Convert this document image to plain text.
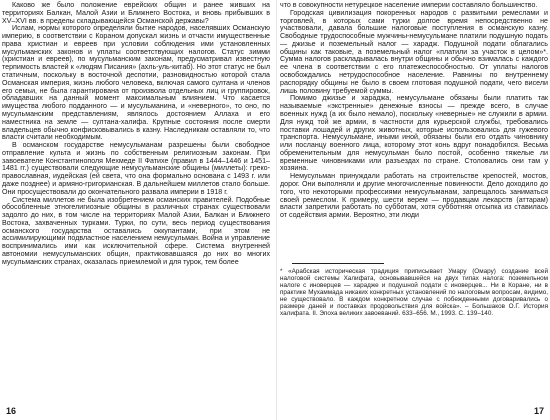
Каково же было положение еврейских общин и ранее живших на территориях Балкан, Малой Азии и Ближнего Востока, и вновь прибывших в XV–XVI вв. в пределы складывающейся Османской державы?

Ислам, нормы которого определяли бытие народов, населявших Османскую империю, в соответствии с Кораном допускал жизнь и отчасти имущественные права христиан и евреев при условии соблюдения ими установленных мусульманских законов и уплаты соответствующих налогов. Статус зимми (христиан и евреев), по мусульманским законам, предусматривал известную терпимость властей к «людям Писания» (ахль-уль-китаб). Но этот статус не был статичным, поскольку в восточной деспотии, разновидностью которой стала Османская империя, жизнь любого человека, включая самого султана и членов его семьи, не была гарантирована от произвола отдельных лиц и группировок, обладавших на данный момент максимальным влиянием. Что касается имущества любого подданного — и мусульманина, и «неверного», то оно, по мусульманским представлениям, являлось достоянием Аллаха и его наместника на земле — султана-халифа. Крупные состояния после смерти владельцев обычно конфисковывались в казну. Наследникам оставляли то, что власти считали необходимым.

В османском государстве немусульманам разрешены были свободное отправление культа и жизнь по собственным религиозным законам. При завоевателе Константинополя Мехмеде II Фатихе (правил в 1444–1446 и 1451–1481 гг.) существовали следующие немусульманские общины (миллеты): греко-православная, иудейская (ей света, что она формально основана с 1493 г. или даже позднее) и армяно-григорианская. В дальнейшем миллетов стало больше. Они просуществовали до окончательного развала империи в 1918 г.

Система миллетов не была изобретением османских правителей. Подобные обособленные этноrелигиозные общины в различных странах существовали задолго до них, в том числе на территориях Малой Азии, Балкан и Ближнего Востока, захваченных турками. Турки, по сути, весь период существования османского государства оставались оккупантами, при этом не ассимилирующими подвластное населением немусульман. Война и управление воспринимались ими как исключительной сфере. Система внутренней автономии немусульманских общин, практиковавшаяся до них во многих мусульманских странах, оказалась приемлемой и для турок, тем более

16

что в совокупности нетурецкое население империи составляло большинство.

Городская цивилизация покоренных народов с развитыми ремеслами и торговлей, в которых сами турки долгое время непосредственно не участвовали, давала большие налоговые поступления в османскую казну. Свободные трудоспособные мужчины-немусульмане платили подушную подать — джизье и поземельный налог — харадж. Подушной подати облагались общины как таковые, а поземельный налог «платили за участок в целом»*. Сумма налогов раскладывалась внутри общины и обычно взималась с каждого ее члена в соответствии с его платежеспособностью. От уплаты налогов освобождались нетрудоспособное население. Равнины по внутреннему распорядку общины не было в своем глотовая подушной подати, чего висели лишь половину требуемой суммы.

Помимо джизье и хараджа, немусульмане обязаны были платить так называемые «экстренные» денежные взносы — прежде всего, в случае военных нужд (а их было немало), поскольку «неверные» не служили в армии. Для нужд той же армии, в частности для курьерской службы, требовались поставки лошадей и других животных, которые использовались для гужевого транспорта. Немусульмане, иными иной, обязаны были его отдать чиновнику или посланцу военного лица, которому этот конь вдруг понадобился. Весьма обременительным для немусульман было постой, особенно тяжелые ли временные чиновниками или разъездах по стране. Столовались они там у хозяина.

Немусульман принуждали работать на строительстве крепостей, мостов, дорог. Они выполняли и другие многочисленные повинности. Дело доходило до того, что некоторыми профессиями немусульманам, запрещалось заниматься своей ремеслом. К примеру, шести верем — продавцам лекарств (аттарам) власти запретили работать по субботам, хотя субботняя отсыпка из ставилась от содействия армии. Вероятно, эти люди

* «Арабская историческая традиция приписывает Умару (Омару) создание всей налоговой системы Халифата, основывавшейся на двух типах налога: поземельном налоге с иноверцев — харадже и подушной подати с иноверцев... Ни в Коране, ни в практике Мухаммада никаких конкретных установлений по налоговым вопросам, видимо, не существовало. В каждом конкретном случае с побежденными договаривались о размере даней и поставках продовольствия для войска». – Большаков О.Г. История халифата. II. Эпоха великих завоеваний. 633–656. М., 1993. С. 139–140.
17
